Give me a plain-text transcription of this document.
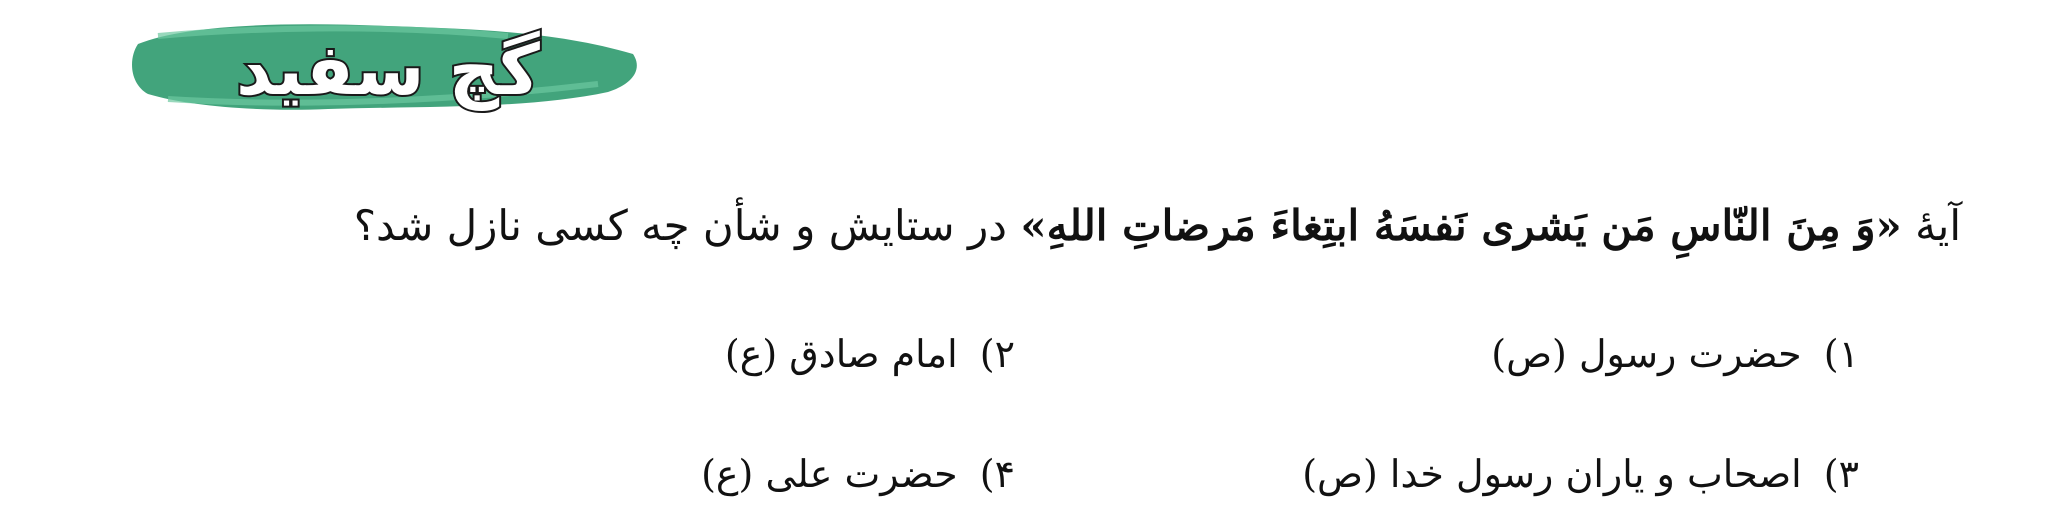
گچ سفید
آیهٔ «وَ مِنَ النّاسِ مَن یَشری نَفسَهُ ابتِغاءَ مَرضاتِ اللهِ» در ستایش و شأن چه کسی نازل شد؟
۱) حضرت رسول (ص)
۲) امام صادق (ع)
۳) اصحاب و یاران رسول خدا (ص)
۴) حضرت علی (ع)
